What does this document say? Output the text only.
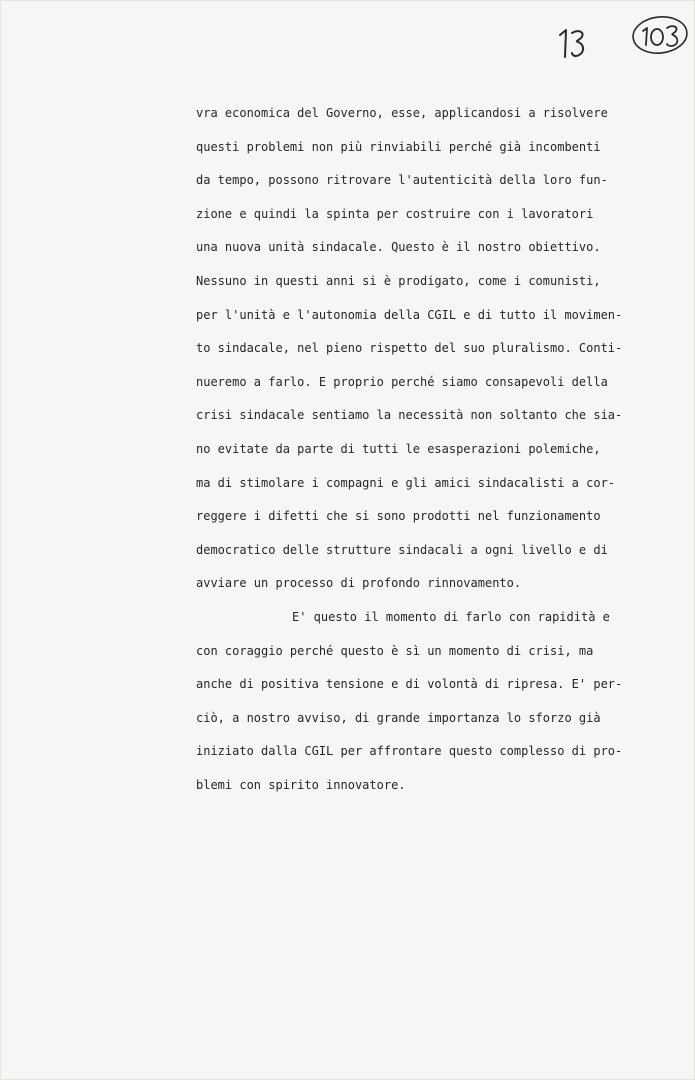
vra economica del Governo, esse, applicandosi a risolvere
questi problemi non più rinviabili perché già incombenti
da tempo, possono ritrovare l'autenticità della loro fun-
zione e quindi la spinta per costruire con i lavoratori
una nuova unità sindacale. Questo è il nostro obiettivo.
Nessuno in questi anni si è prodigato, come i comunisti,
per l'unità e l'autonomia della CGIL e di tutto il movimen-
to sindacale, nel pieno rispetto del suo pluralismo. Conti-
nueremo a farlo. E proprio perché siamo consapevoli della
crisi sindacale sentiamo la necessità non soltanto che sia-
no evitate da parte di tutti le esasperazioni polemiche,
ma di stimolare i compagni e gli amici sindacalisti a cor-
reggere i difetti che si sono prodotti nel funzionamento
democratico delle strutture sindacali a ogni livello e di
avviare un processo di profondo rinnovamento.
E' questo il momento di farlo con rapidità e
con coraggio perché questo è sì un momento di crisi, ma
anche di positiva tensione e di volontà di ripresa. E' per-
ciò, a nostro avviso, di grande importanza lo sforzo già
iniziato dalla CGIL per affrontare questo complesso di pro-
blemi con spirito innovatore.
